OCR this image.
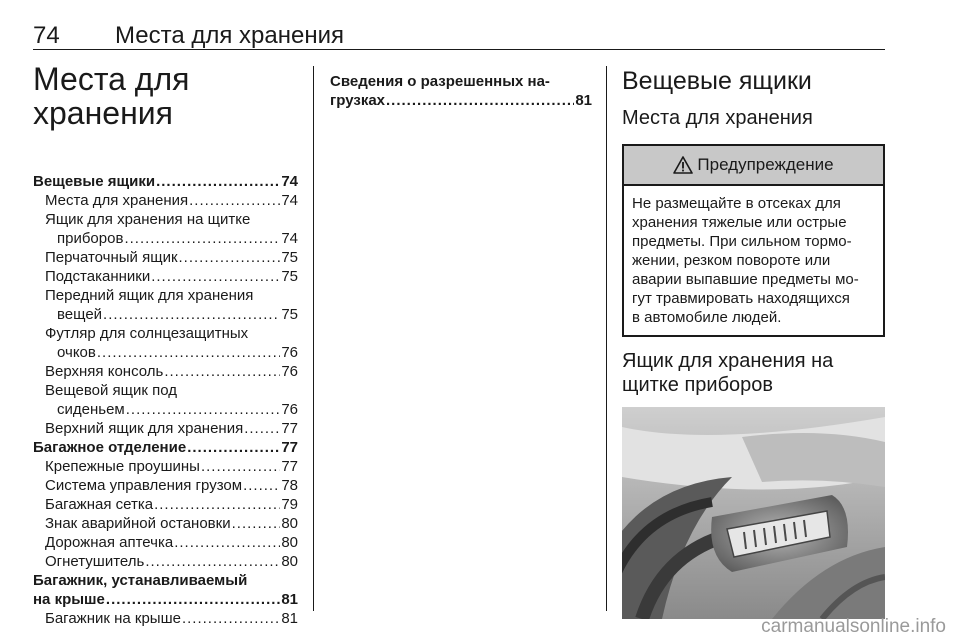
74 Места для хранения
Места для
хранения
Вещевые ящики .....	74
Места для хранения .....	74
Ящик для хранения на щитке
приборов .....	74
Перчаточный ящик .....	75
Подстаканники .....	75
Передний ящик для хранения
вещей .....	75
Футляр для солнцезащитных
очков .....	76
Верхняя консоль .....	76
Вещевой ящик под
сиденьем .....	76
Верхний ящик для хранения .....	77
Багажное отделение .....	77
Крепежные проушины .....	77
Система управления грузом .....	78
Багажная сетка .....	79
Знак аварийной остановки .....	80
Дорожная аптечка .....	80
Огнетушитель .....	80
Багажник, устанавливаемый
на крыше .....	81
Багажник на крыше .....	81
Сведения о разрешенных на-
грузках .....	81
Вещевые ящики
Места для хранения
Предупреждение
Не размещайте в отсеках для
хранения тяжелые или острые
предметы. При сильном тормо-
жении, резком повороте или
аварии выпавшие предметы мо-
гут травмировать находящихся
в автомобиле людей.
Ящик для хранения на
щитке приборов
carmanualsonline.info
